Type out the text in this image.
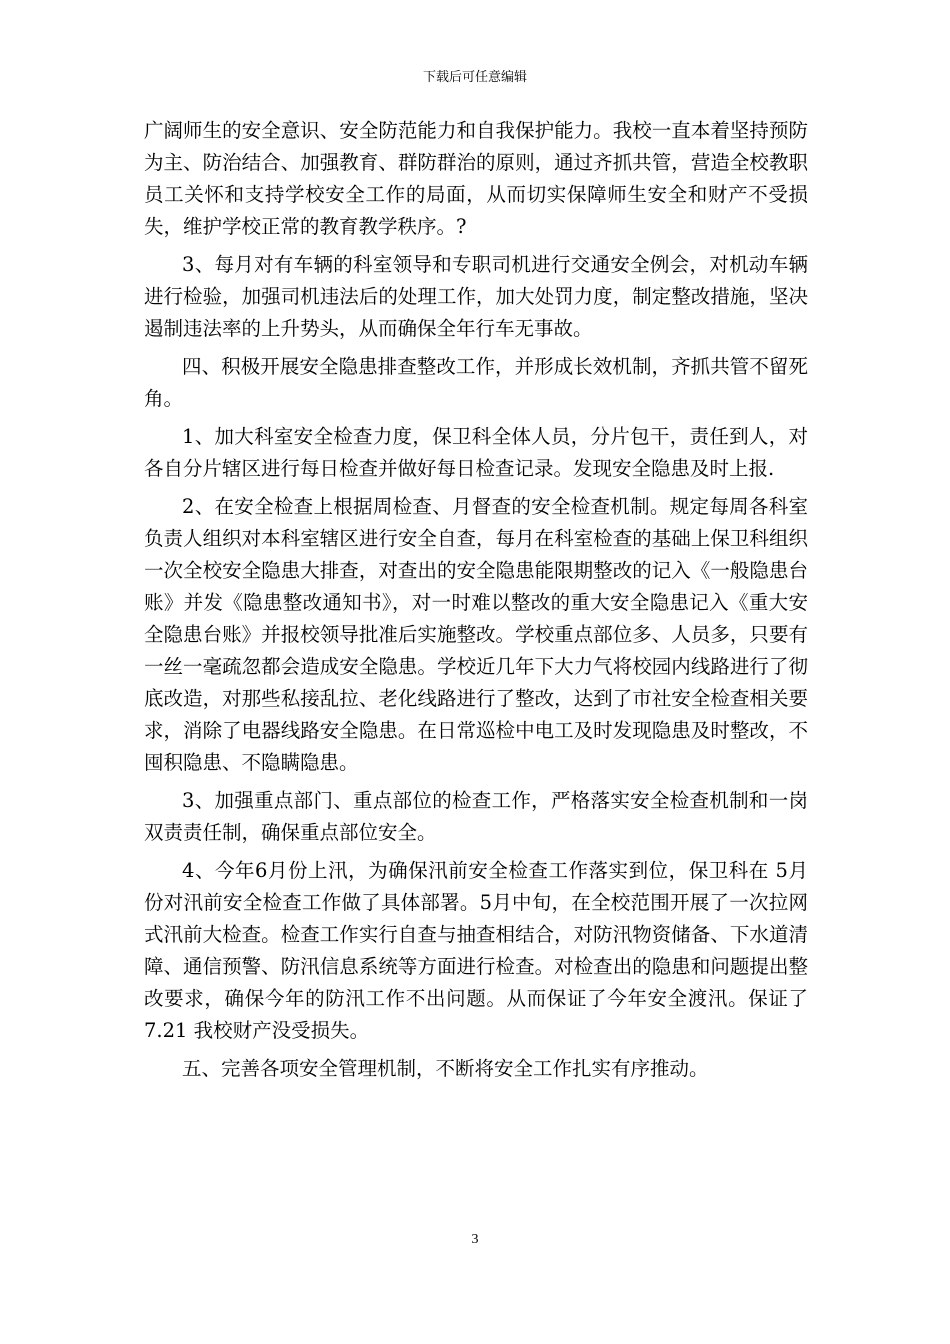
下载后可任意编辑

广阔师生的安全意识、安全防范能力和自我保护能力。我校一直本着坚持预防为主、防治结合、加强教育、群防群治的原则，通过齐抓共管，营造全校教职员工关怀和支持学校安全工作的局面，从而切实保障师生安全和财产不受损失，维护学校正常的教育教学秩序。?

3、每月对有车辆的科室领导和专职司机进行交通安全例会，对机动车辆进行检验，加强司机违法后的处理工作，加大处罚力度，制定整改措施，坚决遏制违法率的上升势头，从而确保全年行车无事故。

四、积极开展安全隐患排查整改工作，并形成长效机制，齐抓共管不留死角。

1、加大科室安全检查力度，保卫科全体人员，分片包干，责任到人，对各自分片辖区进行每日检查并做好每日检查记录。发现安全隐患及时上报.

2、在安全检查上根据周检查、月督查的安全检查机制。规定每周各科室负责人组织对本科室辖区进行安全自查，每月在科室检查的基础上保卫科组织一次全校安全隐患大排查，对查出的安全隐患能限期整改的记入《一般隐患台账》并发《隐患整改通知书》，对一时难以整改的重大安全隐患记入《重大安全隐患台账》并报校领导批准后实施整改。学校重点部位多、人员多，只要有一丝一毫疏忽都会造成安全隐患。学校近几年下大力气将校园内线路进行了彻底改造，对那些私接乱拉、老化线路进行了整改，达到了市社安全检查相关要求，消除了电器线路安全隐患。在日常巡检中电工及时发现隐患及时整改，不囤积隐患、不隐瞒隐患。

3、加强重点部门、重点部位的检查工作，严格落实安全检查机制和一岗双责责任制，确保重点部位安全。

4、今年6月份上汛，为确保汛前安全检查工作落实到位，保卫科在 5月份对汛前安全检查工作做了具体部署。5月中旬，在全校范围开展了一次拉网式汛前大检查。检查工作实行自查与抽查相结合，对防汛物资储备、下水道清障、通信预警、防汛信息系统等方面进行检查。对检查出的隐患和问题提出整改要求，确保今年的防汛工作不出问题。从而保证了今年安全渡汛。保证了 7.21 我校财产没受损失。

五、完善各项安全管理机制，不断将安全工作扎实有序推动。

3
